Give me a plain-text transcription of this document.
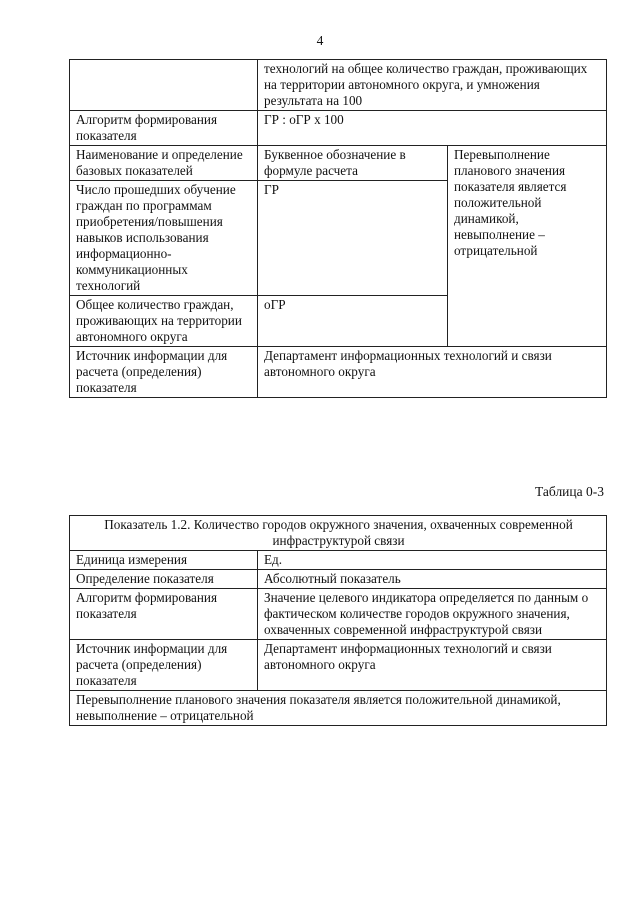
4
	технологий на общее количество граждан, проживающих на территории автономного округа, и умножения результата на 100	
Алгоритм формирования показателя	ГР : оГР х 100	
Наименование и определение базовых показателей	Буквенное обозначение в формуле расчета	Перевыполнение планового значения показателя является положительной динамикой, невыполнение – отрицательной
Число прошедших обучение граждан по программам приобретения/повышения навыков использования информационно-коммуникационных технологий	ГР	
Общее количество граждан, проживающих на территории автономного округа	оГР	
Источник информации для расчета (определения) показателя	Департамент информационных технологий и связи автономного округа	
Таблица 0-3
Показатель 1.2. Количество городов окружного значения, охваченных современной инфраструктурой связи	
Единица измерения	Ед.
Определение показателя	Абсолютный показатель
Алгоритм формирования показателя	Значение целевого индикатора определяется по данным о фактическом количестве городов окружного значения, охваченных современной инфраструктурой связи
Источник информации для расчета (определения) показателя	Департамент информационных технологий и связи автономного округа
Перевыполнение планового значения показателя является положительной динамикой, невыполнение – отрицательной	
